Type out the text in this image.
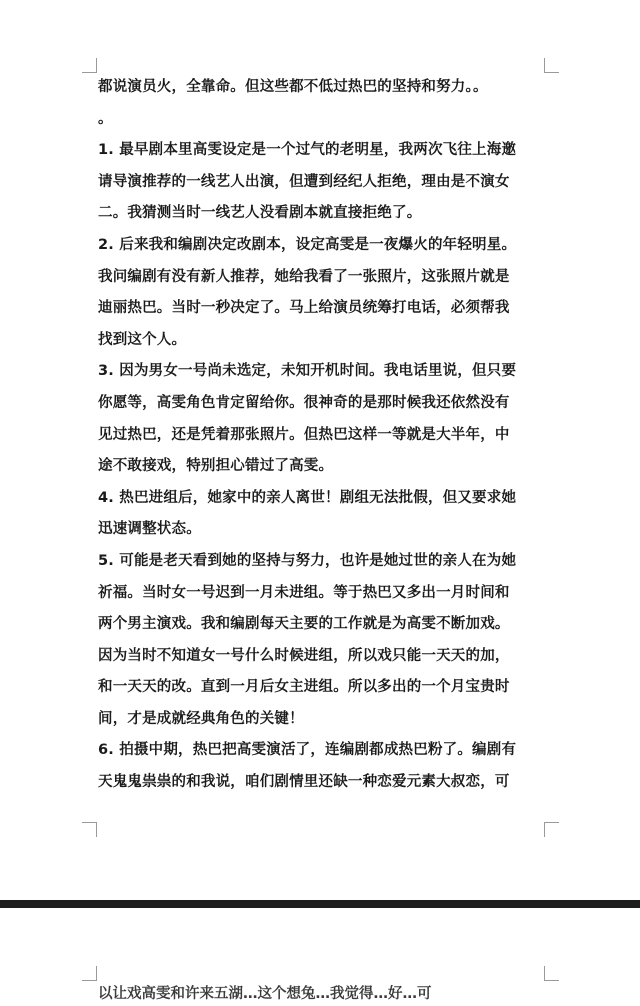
都说演员火，全靠命。但这些都不低过热巴的坚持和努力。。
。
1. 最早剧本里高雯设定是一个过气的老明星，我两次飞往上海邀
请导演推荐的一线艺人出演，但遭到经纪人拒绝，理由是不演女
二。我猜测当时一线艺人没看剧本就直接拒绝了。
2. 后来我和编剧决定改剧本，设定高雯是一夜爆火的年轻明星。
我问编剧有没有新人推荐，她给我看了一张照片，这张照片就是
迪丽热巴。当时一秒决定了。马上给演员统筹打电话，必须帮我
找到这个人。
3. 因为男女一号尚未选定，未知开机时间。我电话里说，但只要
你愿等，高雯角色肯定留给你。很神奇的是那时候我还依然没有
见过热巴，还是凭着那张照片。但热巴这样一等就是大半年，中
途不敢接戏，特别担心错过了高雯。
4. 热巴进组后，她家中的亲人离世！剧组无法批假，但又要求她
迅速调整状态。
5. 可能是老天看到她的坚持与努力，也许是她过世的亲人在为她
祈福。当时女一号迟到一月未进组。等于热巴又多出一月时间和
两个男主演戏。我和编剧每天主要的工作就是为高雯不断加戏。
因为当时不知道女一号什么时候进组，所以戏只能一天天的加，
和一天天的改。直到一月后女主进组。所以多出的一个月宝贵时
间，才是成就经典角色的关键！
6. 拍摄中期，热巴把高雯演活了，连编剧都成热巴粉了。编剧有
天鬼鬼祟祟的和我说，咱们剧情里还缺一种恋爱元素大叔恋，可
以让戏高雯和许来五湖…这个想兔…我觉得…好…可
